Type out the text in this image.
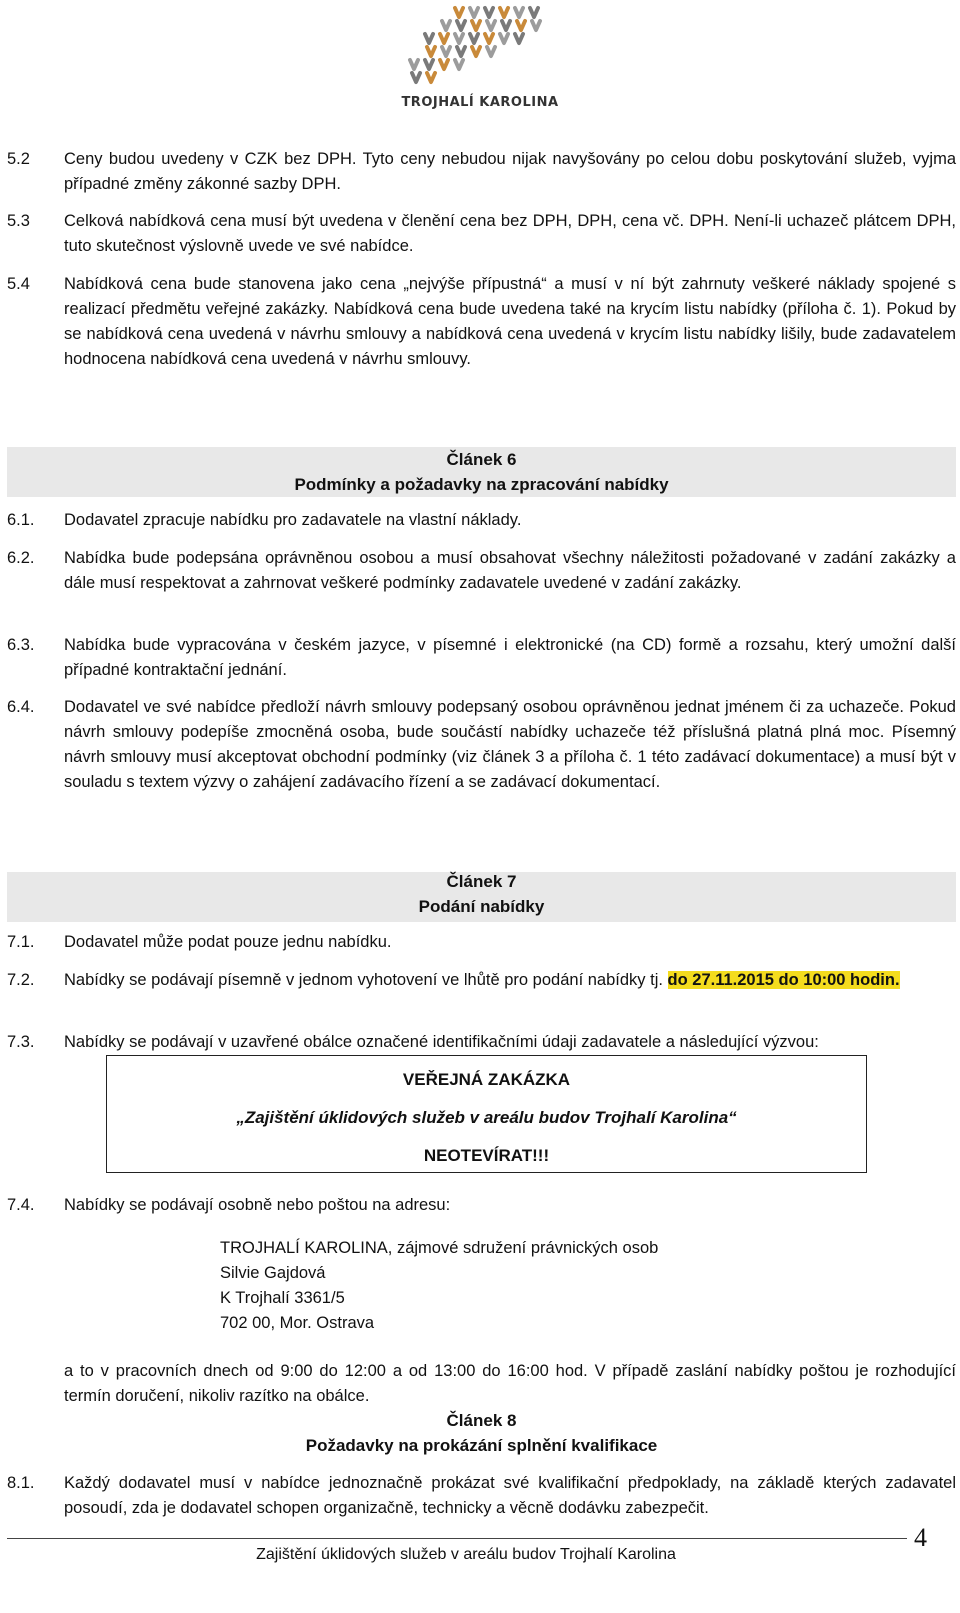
TROJHALÍ KAROLINA
5.2 Ceny budou uvedeny v CZK bez DPH. Tyto ceny nebudou nijak navyšovány po celou dobu poskytování služeb, vyjma případné změny zákonné sazby DPH.
5.3 Celková nabídková cena musí být uvedena v členění cena bez DPH, DPH, cena vč. DPH. Není-li uchazeč plátcem DPH, tuto skutečnost výslovně uvede ve své nabídce.
5.4 Nabídková cena bude stanovena jako cena „nejvýše přípustná“ a musí v ní být zahrnuty veškeré náklady spojené s realizací předmětu veřejné zakázky. Nabídková cena bude uvedena také na krycím listu nabídky (příloha č. 1). Pokud by se nabídková cena uvedená v návrhu smlouvy a nabídková cena uvedená v krycím listu nabídky lišily, bude zadavatelem hodnocena nabídková cena uvedená v návrhu smlouvy.
Článek 6
Podmínky a požadavky na zpracování nabídky
6.1. Dodavatel zpracuje nabídku pro zadavatele na vlastní náklady.
6.2. Nabídka bude podepsána oprávněnou osobou a musí obsahovat všechny náležitosti požadované v zadání zakázky a dále musí respektovat a zahrnovat veškeré podmínky zadavatele uvedené v zadání zakázky.
6.3. Nabídka bude vypracována v českém jazyce, v písemné i elektronické (na CD) formě a rozsahu, který umožní další případné kontraktační jednání.
6.4. Dodavatel ve své nabídce předloží návrh smlouvy podepsaný osobou oprávněnou jednat jménem či za uchazeče. Pokud návrh smlouvy podepíše zmocněná osoba, bude součástí nabídky uchazeče též příslušná platná plná moc. Písemný návrh smlouvy musí akceptovat obchodní podmínky (viz článek 3 a příloha č. 1 této zadávací dokumentace) a musí být v souladu s textem výzvy o zahájení zadávacího řízení a se zadávací dokumentací.
Článek 7
Podání nabídky
7.1. Dodavatel může podat pouze jednu nabídku.
7.2. Nabídky se podávají písemně v jednom vyhotovení ve lhůtě pro podání nabídky tj. do 27.11.2015 do 10:00 hodin.
7.3. Nabídky se podávají v uzavřené obálce označené identifikačními údaji zadavatele a následující výzvou:
VEŘEJNÁ ZAKÁZKA
„Zajištění úklidových služeb v areálu budov Trojhalí Karolina“
NEOTEVÍRAT!!!
7.4. Nabídky se podávají osobně nebo poštou na adresu:
TROJHALÍ KAROLINA, zájmové sdružení právnických osob
Silvie Gajdová
K Trojhalí 3361/5
702 00, Mor. Ostrava
a to v pracovních dnech od 9:00 do 12:00 a od 13:00 do 16:00 hod. V případě zaslání nabídky poštou je rozhodující termín doručení, nikoliv razítko na obálce.
Článek 8
Požadavky na prokázání splnění kvalifikace
8.1. Každý dodavatel musí v nabídce jednoznačně prokázat své kvalifikační předpoklady, na základě kterých zadavatel posoudí, zda je dodavatel schopen organizačně, technicky a věcně dodávku zabezpečit.
4
Zajištění úklidových služeb v areálu budov Trojhalí Karolina
